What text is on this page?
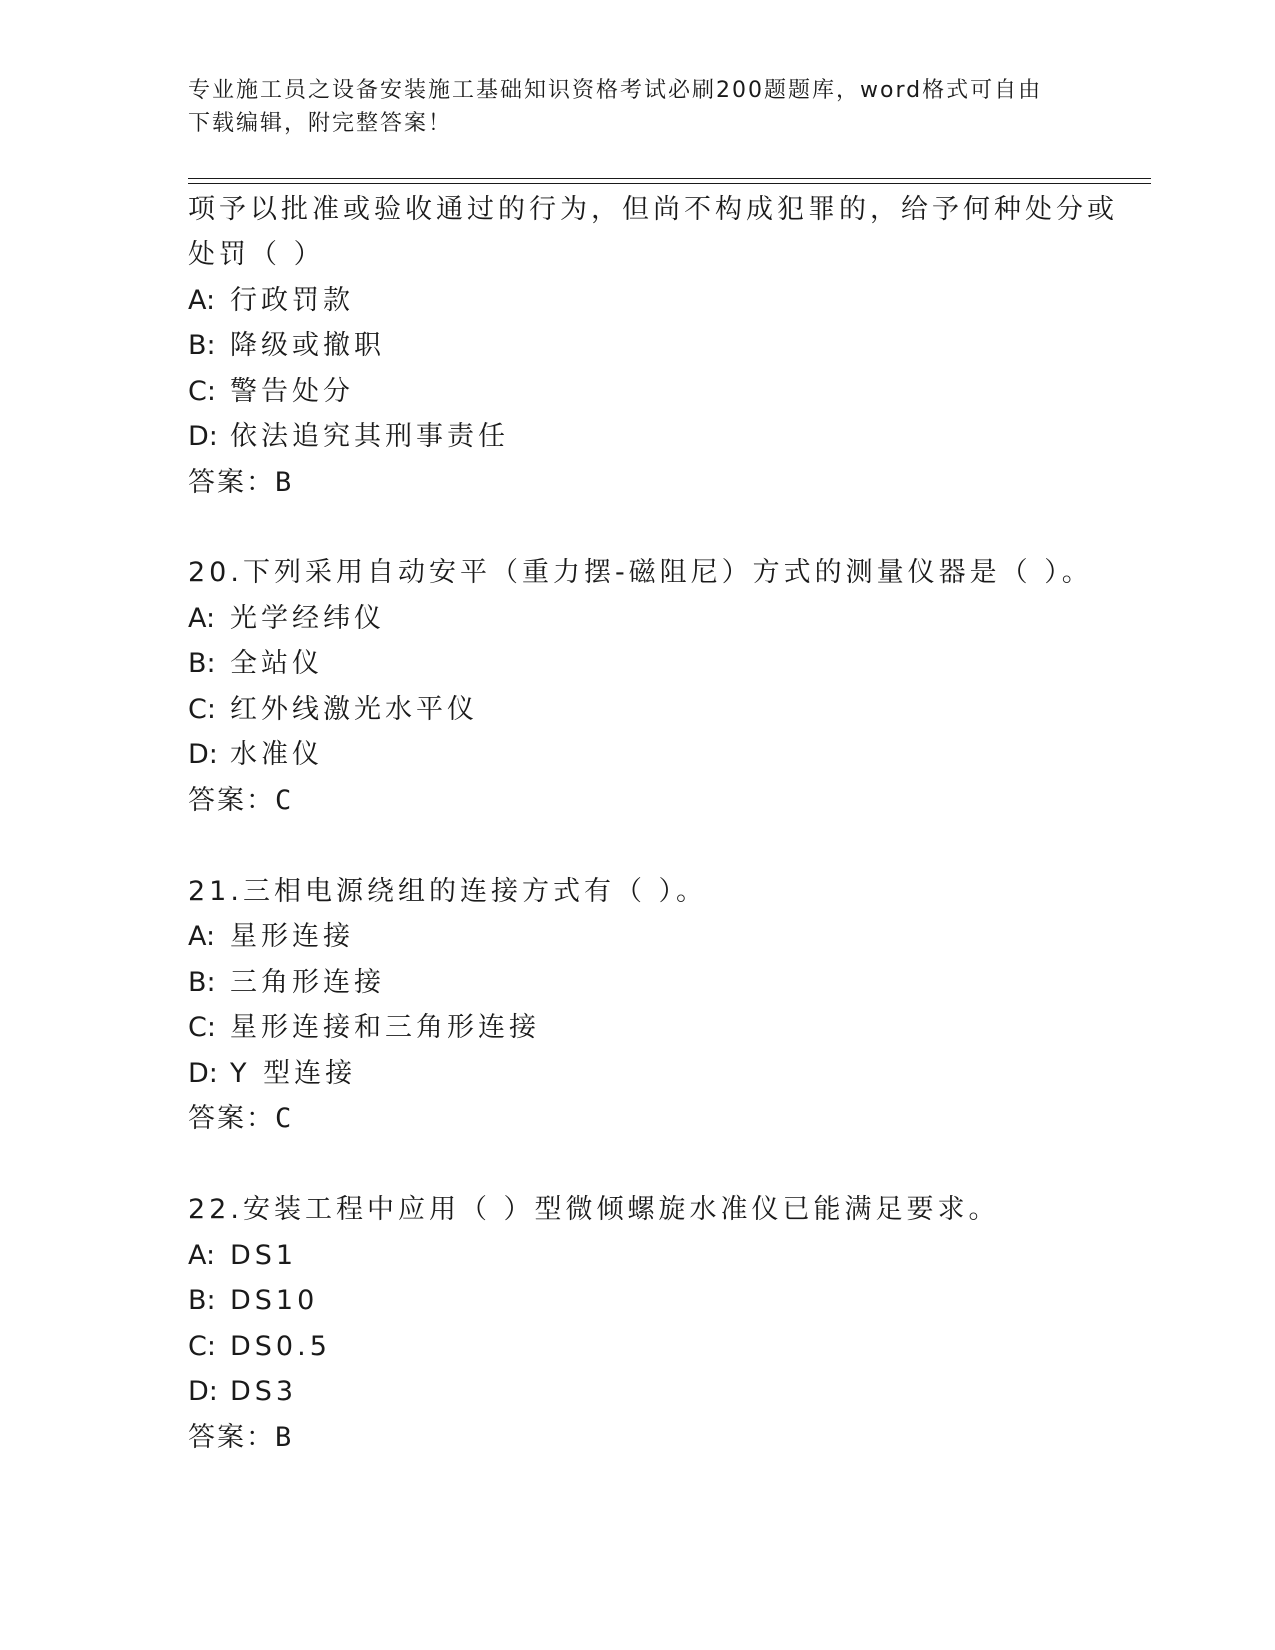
专业施工员之设备安装施工基础知识资格考试必刷200题题库，word格式可自由
下载编辑，附完整答案！
项予以批准或验收通过的行为，但尚不构成犯罪的，给予何种处分或
处罚（ ）
A: 行政罚款
B: 降级或撤职
C: 警告处分
D: 依法追究其刑事责任
答案：B
20.下列采用自动安平（重力摆-磁阻尼）方式的测量仪器是（ ）。
A: 光学经纬仪
B: 全站仪
C: 红外线激光水平仪
D: 水准仪
答案：C
21.三相电源绕组的连接方式有（ ）。
A: 星形连接
B: 三角形连接
C: 星形连接和三角形连接
D: Y 型连接
答案：C
22.安装工程中应用（ ）型微倾螺旋水准仪已能满足要求。
A: DS1
B: DS10
C: DS0.5
D: DS3
答案：B
